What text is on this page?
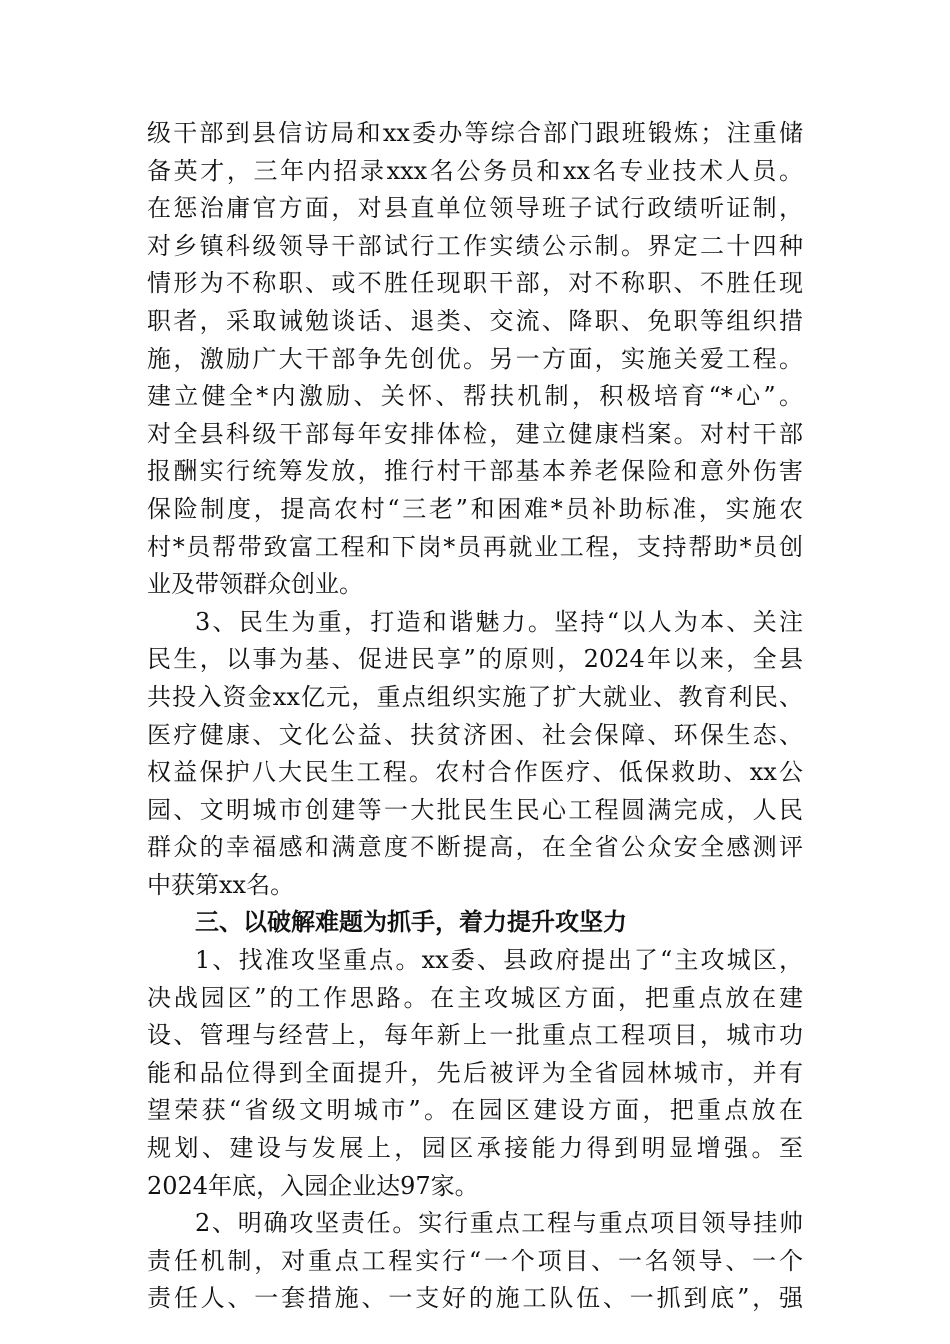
级干部到县信访局和xx委办等综合部门跟班锻炼；注重储
备英才，三年内招录xxx名公务员和xx名专业技术人员。
在惩治庸官方面，对县直单位领导班子试行政绩听证制，
对乡镇科级领导干部试行工作实绩公示制。界定二十四种
情形为不称职、或不胜任现职干部，对不称职、不胜任现
职者，采取诫勉谈话、退类、交流、降职、免职等组织措
施，激励广大干部争先创优。另一方面，实施关爱工程。
建立健全*内激励、关怀、帮扶机制，积极培育“*心”。
对全县科级干部每年安排体检，建立健康档案。对村干部
报酬实行统筹发放，推行村干部基本养老保险和意外伤害
保险制度，提高农村“三老”和困难*员补助标准，实施农
村*员帮带致富工程和下岗*员再就业工程，支持帮助*员创
业及带领群众创业。
3、民生为重，打造和谐魅力。坚持“以人为本、关注
民生，以事为基、促进民享”的原则，2024年以来，全县
共投入资金xx亿元，重点组织实施了扩大就业、教育利民、
医疗健康、文化公益、扶贫济困、社会保障、环保生态、
权益保护八大民生工程。农村合作医疗、低保救助、xx公
园、文明城市创建等一大批民生民心工程圆满完成，人民
群众的幸福感和满意度不断提高，在全省公众安全感测评
中获第xx名。
三、以破解难题为抓手，着力提升攻坚力
1、找准攻坚重点。xx委、县政府提出了“主攻城区，
决战园区”的工作思路。在主攻城区方面，把重点放在建
设、管理与经营上，每年新上一批重点工程项目，城市功
能和品位得到全面提升，先后被评为全省园林城市，并有
望荣获“省级文明城市”。在园区建设方面，把重点放在
规划、建设与发展上，园区承接能力得到明显增强。至
2024年底，入园企业达97家。
2、明确攻坚责任。实行重点工程与重点项目领导挂帅
责任机制，对重点工程实行“一个项目、一名领导、一个
责任人、一套措施、一支好的施工队伍、一抓到底”，强
